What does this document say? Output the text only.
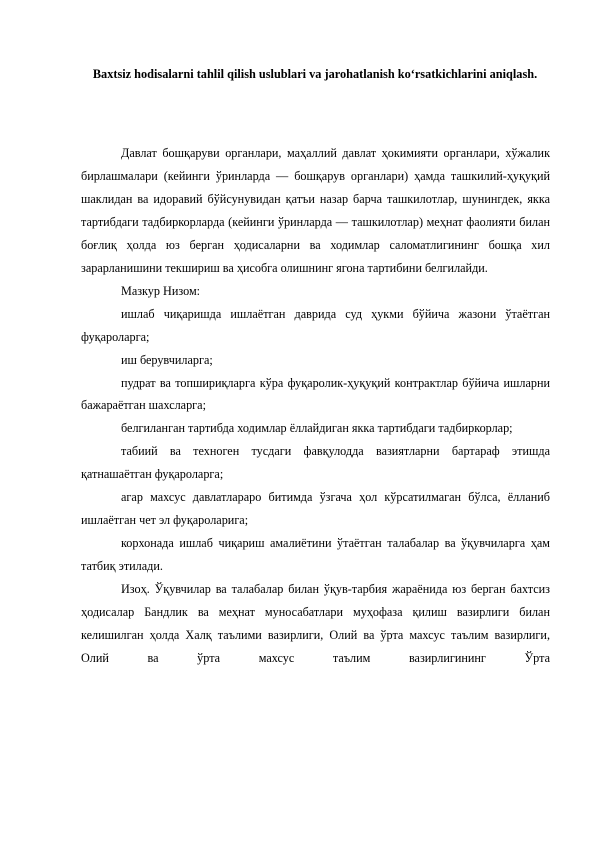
Baxtsiz hodisalarni tahlil qilish uslublari va jarohatlanish ko‘rsatkichlarini aniqlash.

Давлат бошқаруви органлари, маҳаллий давлат ҳокимияти органлари, хўжалик бирлашмалари (кейинги ўринларда — бошқарув органлари) ҳамда ташкилий-ҳуқуқий шаклидан ва идоравий бўйсунувидан қатъи назар барча ташкилотлар, шунингдек, якка тартибдаги тадбиркорларда (кейинги ўринларда — ташкилотлар) меҳнат фаолияти билан боғлиқ ҳолда юз берган ҳодисаларни ва ходимлар саломатлигининг бошқа хил зарарланишини текшириш ва ҳисобга олишнинг ягона тартибини белгилайди.

Мазкур Низом:

ишлаб чиқаришда ишлаётган даврида суд ҳукми бўйича жазони ўтаётган фуқароларга;

иш берувчиларга;

пудрат ва топшириқларга кўра фуқаролик-ҳуқуқий контрактлар бўйича ишларни бажараётган шахсларга;

белгиланган тартибда ходимлар ёллайдиган якка тартибдаги тадбиркорлар;

табиий ва техноген тусдаги фавқулодда вазиятларни бартараф этишда қатнашаётган фуқароларга;

агар махсус давлатлараро битимда ўзгача ҳол кўрсатилмаган бўлса, ёлланиб ишлаётган чет эл фуқароларига;

корхонада ишлаб чиқариш амалиётини ўтаётган талабалар ва ўқувчиларга ҳам татбиқ этилади.

Изоҳ. Ўқувчилар ва талабалар билан ўқув-тарбия жараёнида юз берган бахтсиз ҳодисалар Бандлик ва меҳнат муносабатлари муҳофаза қилиш вазирлиги билан келишилган ҳолда Халқ таълими вазирлиги, Олий ва ўрта махсус таълим вазирлиги, Олий ва ўрта махсус таълим вазирлигининг Ўрта
